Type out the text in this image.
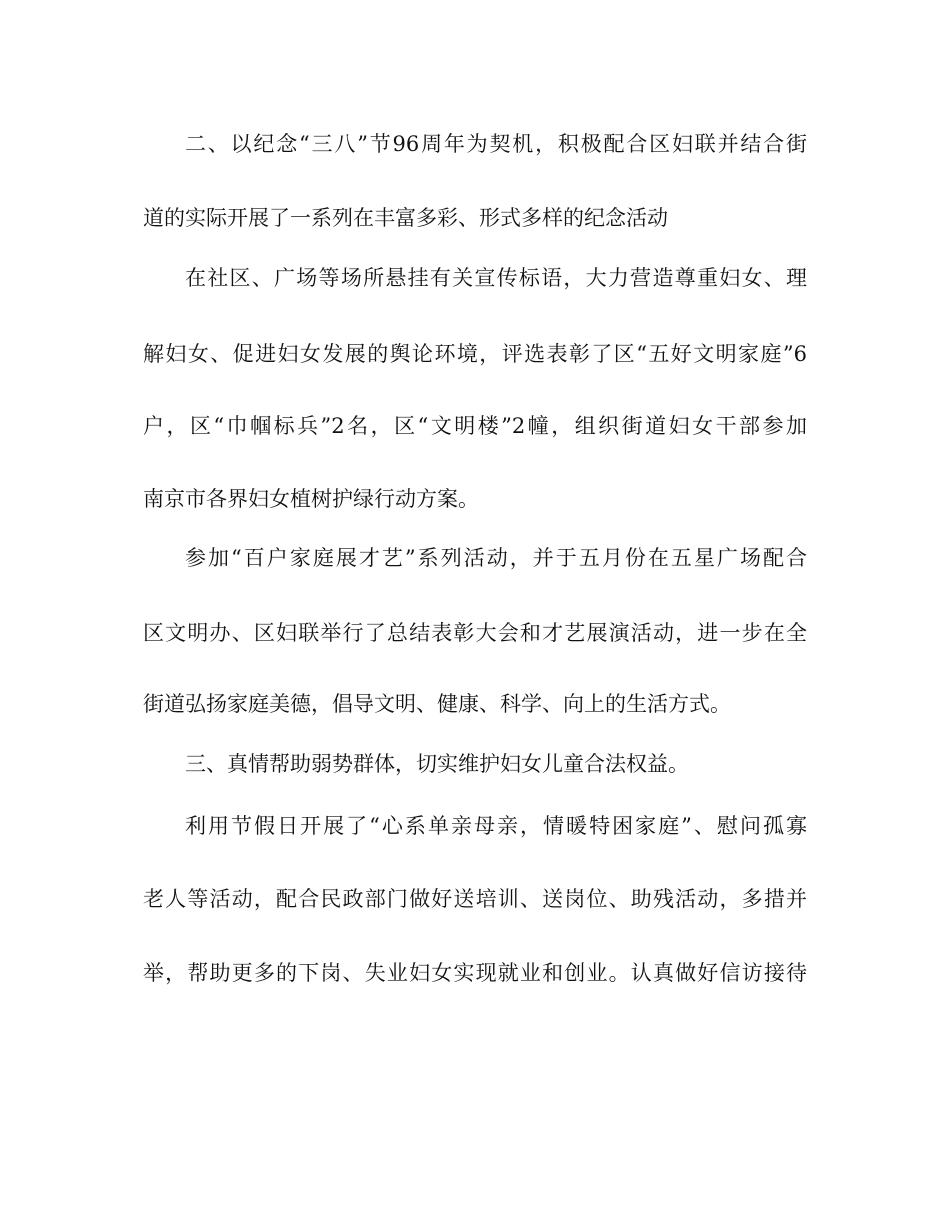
二、以纪念“三八”节96周年为契机，积极配合区妇联并结合街
道的实际开展了一系列在丰富多彩、形式多样的纪念活动
在社区、广场等场所悬挂有关宣传标语，大力营造尊重妇女、理
解妇女、促进妇女发展的舆论环境，评选表彰了区“五好文明家庭”6
户，区“巾帼标兵”2名，区“文明楼”2幢，组织街道妇女干部参加
南京市各界妇女植树护绿行动方案。
参加“百户家庭展才艺”系列活动，并于五月份在五星广场配合
区文明办、区妇联举行了总结表彰大会和才艺展演活动，进一步在全
街道弘扬家庭美德，倡导文明、健康、科学、向上的生活方式。
三、真情帮助弱势群体，切实维护妇女儿童合法权益。
利用节假日开展了“心系单亲母亲，情暖特困家庭”、慰问孤寡
老人等活动，配合民政部门做好送培训、送岗位、助残活动，多措并
举，帮助更多的下岗、失业妇女实现就业和创业。认真做好信访接待
